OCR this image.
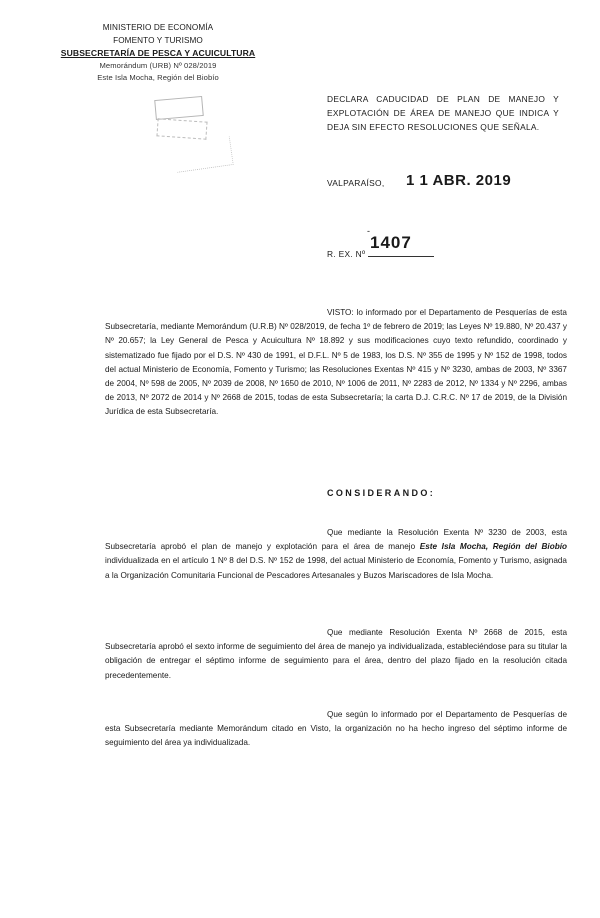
MINISTERIO DE ECONOMÍA
FOMENTO Y TURISMO
SUBSECRETARÍA DE PESCA Y ACUICULTURA
Memorándum (URB) Nº 028/2019
Este Isla Mocha, Región del Biobío
DECLARA CADUCIDAD DE PLAN DE MANEJO Y EXPLOTACIÓN DE ÁREA DE MANEJO QUE INDICA Y DEJA SIN EFECTO RESOLUCIONES QUE SEÑALA.
VALPARAÍSO, 1 1 ABR. 2019
-
1407
R. EX. Nº
VISTO: lo informado por el Departamento de Pesquerías de esta Subsecretaría, mediante Memorándum (U.R.B) Nº 028/2019, de fecha 1º de febrero de 2019; las Leyes Nº 19.880, Nº 20.437 y Nº 20.657; la Ley General de Pesca y Acuicultura Nº 18.892 y sus modificaciones cuyo texto refundido, coordinado y sistematizado fue fijado por el D.S. Nº 430 de 1991, el D.F.L. Nº 5 de 1983, los D.S. Nº 355 de 1995 y Nº 152 de 1998, todos del actual Ministerio de Economía, Fomento y Turismo; las Resoluciones Exentas Nº 415 y Nº 3230, ambas de 2003, Nº 3367 de 2004, Nº 598 de 2005, Nº 2039 de 2008, Nº 1650 de 2010, Nº 1006 de 2011, Nº 2283 de 2012, Nº 1334 y Nº 2296, ambas de 2013, Nº 2072 de 2014 y Nº 2668 de 2015, todas de esta Subsecretaría; la carta D.J. C.R.C. Nº 17 de 2019, de la División Jurídica de esta Subsecretaría.
CONSIDERANDO:
Que mediante la Resolución Exenta Nº 3230 de 2003, esta Subsecretaría aprobó el plan de manejo y explotación para el área de manejo Este Isla Mocha, Región del Biobío individualizada en el artículo 1 Nº 8 del D.S. Nº 152 de 1998, del actual Ministerio de Economía, Fomento y Turismo, asignada a la Organización Comunitaria Funcional de Pescadores Artesanales y Buzos Mariscadores de Isla Mocha.
Que mediante Resolución Exenta Nº 2668 de 2015, esta Subsecretaría aprobó el sexto informe de seguimiento del área de manejo ya individualizada, estableciéndose para su titular la obligación de entregar el séptimo informe de seguimiento para el área, dentro del plazo fijado en la resolución citada precedentemente.
Que según lo informado por el Departamento de Pesquerías de esta Subsecretaría mediante Memorándum citado en Visto, la organización no ha hecho ingreso del séptimo informe de seguimiento del área ya individualizada.
